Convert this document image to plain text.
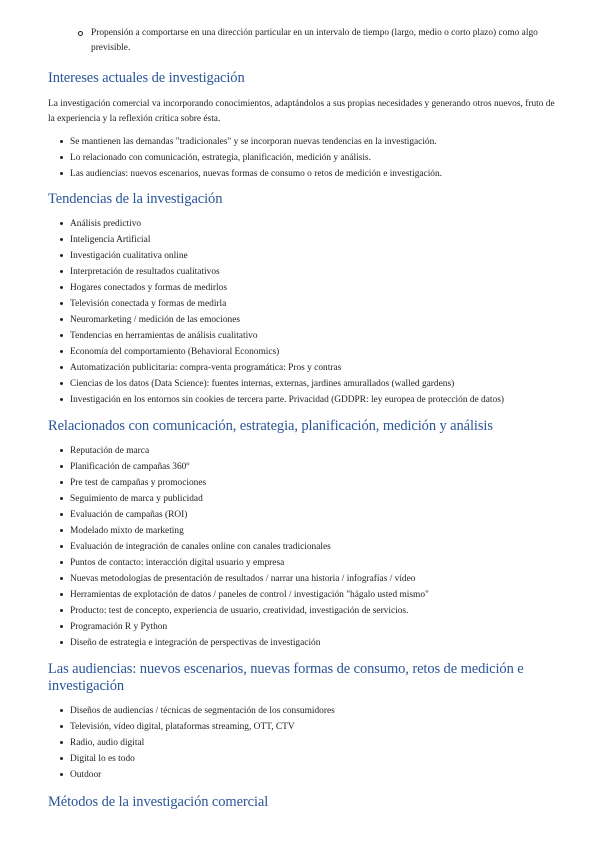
Propensión a comportarse en una dirección particular en un intervalo de tiempo (largo, medio o corto plazo) como algo previsible.
Intereses actuales de investigación

La investigación comercial va incorporando conocimientos, adaptándolos a sus propias necesidades y generando otros nuevos, fruto de la experiencia y la reflexión crítica sobre ésta.

Se mantienen las demandas "tradicionales" y se incorporan nuevas tendencias en la investigación.
Lo relacionado con comunicación, estrategia, planificación, medición y análisis.
Las audiencias: nuevos escenarios, nuevas formas de consumo o retos de medición e investigación.
Tendencias de la investigación
Análisis predictivo
Inteligencia Artificial
Investigación cualitativa online
Interpretación de resultados cualitativos
Hogares conectados y formas de medirlos
Televisión conectada y formas de medirla
Neuromarketing / medición de las emociones
Tendencias en herramientas de análisis cualitativo
Economía del comportamiento (Behavioral Economics)
Automatización publicitaria: compra-venta programática: Pros y contras
Ciencias de los datos (Data Science): fuentes internas, externas, jardines amurallados (walled gardens)
Investigación en los entornos sin cookies de tercera parte. Privacidad (GDDPR: ley europea de protección de datos)
Relacionados con comunicación, estrategia, planificación, medición y análisis
Reputación de marca
Planificación de campañas 360º
Pre test de campañas y promociones
Seguimiento de marca y publicidad
Evaluación de campañas (ROI)
Modelado mixto de marketing
Evaluación de integración de canales online con canales tradicionales
Puntos de contacto: interacción digital usuario y empresa
Nuevas metodologías de presentación de resultados / narrar una historia / infografías / vídeo
Herramientas de explotación de datos / paneles de control / investigación "hágalo usted mismo"
Producto: test de concepto, experiencia de usuario, creatividad, investigación de servicios.
Programación R y Python
Diseño de estrategia e integración de perspectivas de investigación
Las audiencias: nuevos escenarios, nuevas formas de consumo, retos de medición e investigación
Diseños de audiencias / técnicas de segmentación de los consumidores
Televisión, vídeo digital, plataformas streaming, OTT, CTV
Radio, audio digital
Digital lo es todo
Outdoor
Métodos de la investigación comercial
